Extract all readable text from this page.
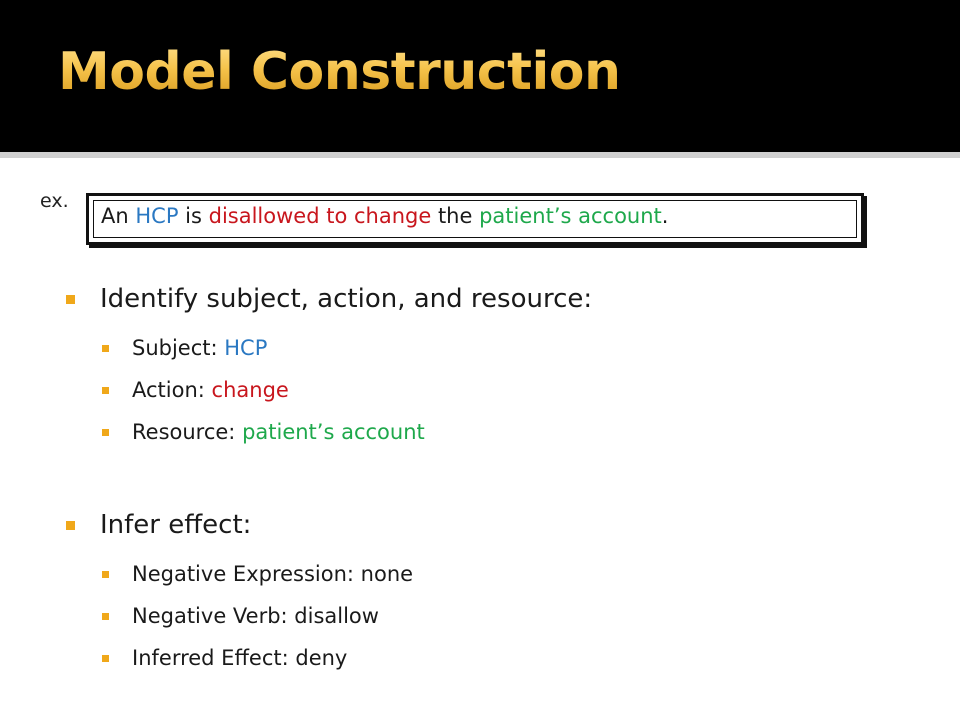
Model Construction
ex.
An HCP is disallowed to change the patient’s account.
Identify subject, action, and resource:
Subject: HCP
Action: change
Resource: patient’s account
Infer effect:
Negative Expression: none
Negative Verb: disallow
Inferred Effect: deny
